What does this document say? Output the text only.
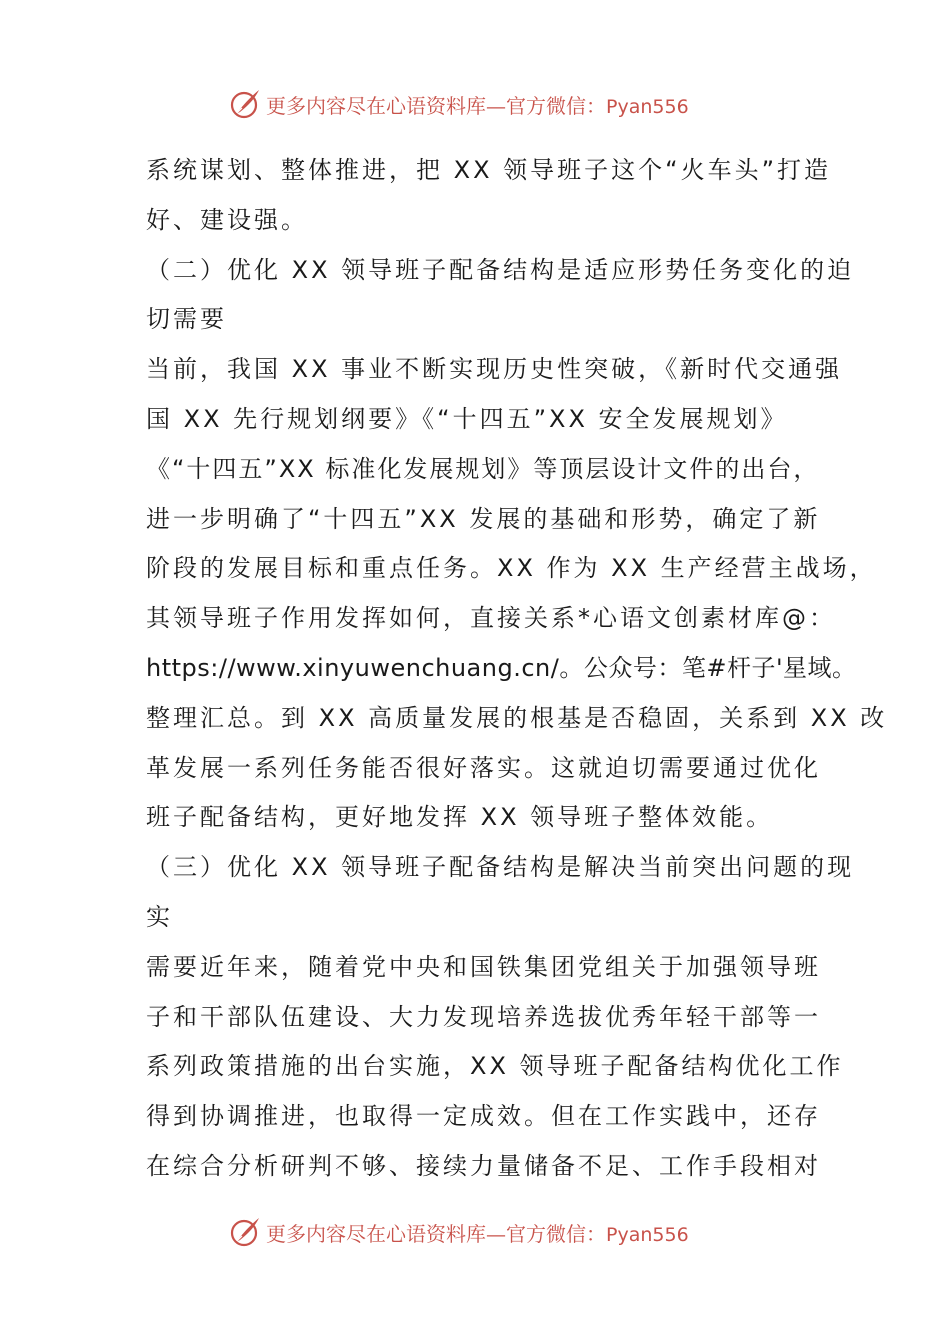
更多内容尽在心语资料库—官方微信：Pyan556
系统谋划、整体推进，把 XX 领导班子这个“火车头”打造
好、建设强。
（二）优化 XX 领导班子配备结构是适应形势任务变化的迫
切需要
当前，我国 XX 事业不断实现历史性突破，《新时代交通强
国 XX 先行规划纲要》《“十四五”XX 安全发展规划》
《“十四五”XX 标准化发展规划》等顶层设计文件的出台，
进一步明确了“十四五”XX 发展的基础和形势，确定了新
阶段的发展目标和重点任务。XX 作为 XX 生产经营主战场，
其领导班子作用发挥如何，直接关系*心语文创素材库@：
https://www.xinyuwenchuang.cn/。公众号：笔#杆子'星域。
整理汇总。到 XX 高质量发展的根基是否稳固，关系到 XX 改
革发展一系列任务能否很好落实。这就迫切需要通过优化
班子配备结构，更好地发挥 XX 领导班子整体效能。
（三）优化 XX 领导班子配备结构是解决当前突出问题的现
实
需要近年来，随着党中央和国铁集团党组关于加强领导班
子和干部队伍建设、大力发现培养选拔优秀年轻干部等一
系列政策措施的出台实施，XX 领导班子配备结构优化工作
得到协调推进，也取得一定成效。但在工作实践中，还存
在综合分析研判不够、接续力量储备不足、工作手段相对
更多内容尽在心语资料库—官方微信：Pyan556
